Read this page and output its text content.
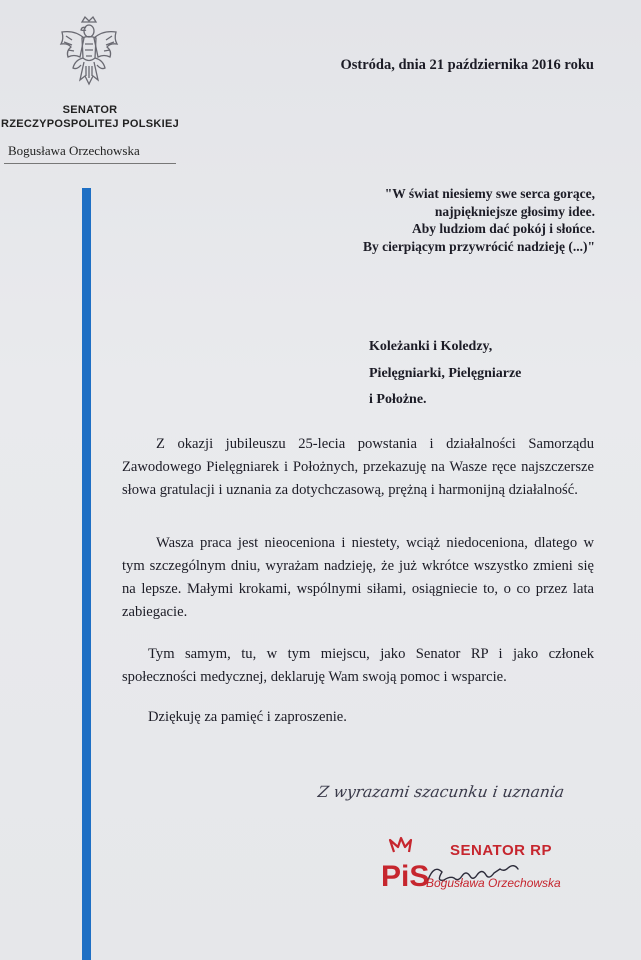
SENATOR
RZECZYPOSPOLITEJ POLSKIEJ
Bogusława Orzechowska
Ostróda, dnia 21 października 2016 roku
"W świat niesiemy swe serca gorące,
najpiękniejsze głosimy idee.
Aby ludziom dać pokój i słońce.
By cierpiącym przywrócić nadzieję (...)"
Koleżanki i Koledzy,
Pielęgniarki, Pielęgniarze
i Położne.
Z okazji jubileuszu 25-lecia powstania i działalności Samorządu Zawodowego Pielęgniarek i Położnych, przekazuję na Wasze ręce najszczersze słowa gratulacji i uznania za dotychczasową, prężną i harmonijną działalność.
Wasza praca jest nieoceniona i niestety, wciąż niedoceniona, dlatego w tym szczególnym dniu, wyrażam nadzieję, że już wkrótce wszystko zmieni się na lepsze. Małymi krokami, wspólnymi siłami, osiągniecie to, o co przez lata zabiegacie.
Tym samym, tu, w tym miejscu, jako Senator RP i jako członek społeczności medycznej, deklaruję Wam swoją pomoc i wsparcie.
Dziękuję za pamięć i zaproszenie.
Z wyrazami szacunku i uznania
PiS
SENATOR RP
Bogusława Orzechowska
